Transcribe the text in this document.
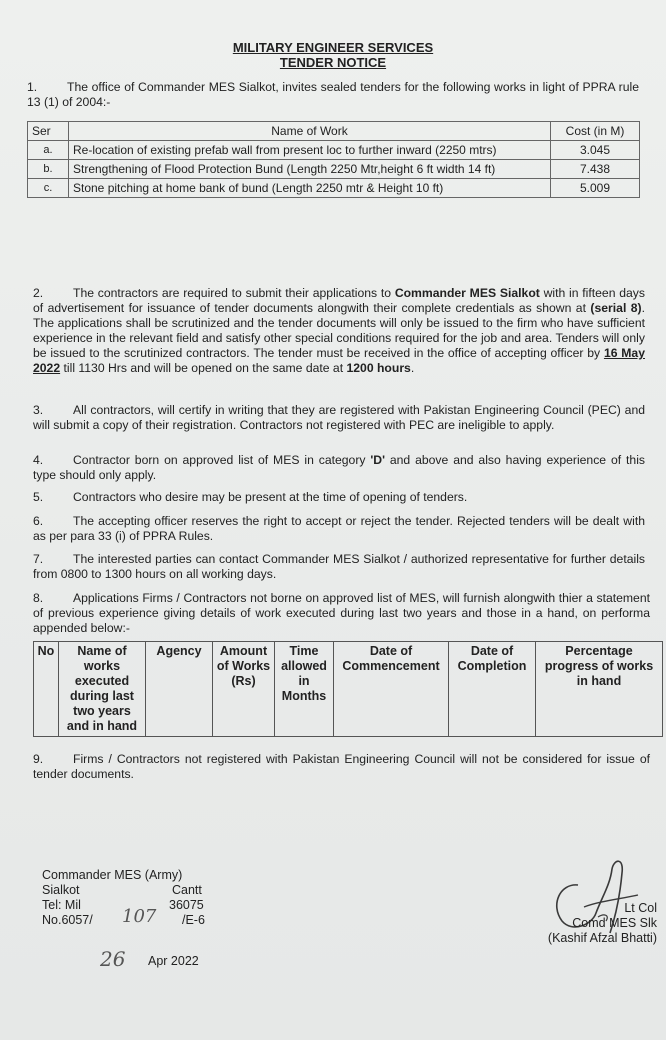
MILITARY ENGINEER SERVICES
TENDER NOTICE

1. The office of Commander MES Sialkot, invites sealed tenders for the following works in light of PPRA rule 13 (1) of 2004:-

Ser	Name of Work	Cost (in M)
a.	Re-location of existing prefab wall from present loc to further inward (2250 mtrs)	3.045
b.	Strengthening of Flood Protection Bund (Length 2250 Mtr,height 6 ft width 14 ft)	7.438
c.	Stone pitching at home bank of bund (Length 2250 mtr & Height 10 ft)	5.009

2. The contractors are required to submit their applications to Commander MES Sialkot with in fifteen days of advertisement for issuance of tender documents alongwith their complete credentials as shown at (serial 8). The applications shall be scrutinized and the tender documents will only be issued to the firm who have sufficient experience in the relevant field and satisfy other special conditions required for the job and area. Tenders will only be issued to the scrutinized contractors. The tender must be received in the office of accepting officer by 16 May 2022 till 1130 Hrs and will be opened on the same date at 1200 hours.

3. All contractors, will certify in writing that they are registered with Pakistan Engineering Council (PEC) and will submit a copy of their registration. Contractors not registered with PEC are ineligible to apply.

4. Contractor born on approved list of MES in category 'D' and above and also having experience of this type should only apply.

5. Contractors who desire may be present at the time of opening of tenders.

6. The accepting officer reserves the right to accept or reject the tender. Rejected tenders will be dealt with as per para 33 (i) of PPRA Rules.

7. The interested parties can contact Commander MES Sialkot / authorized representative for further details from 0800 to 1300 hours on all working days.

8. Applications Firms / Contractors not borne on approved list of MES, will furnish alongwith thier a statement of previous experience giving details of work executed during last two years and those in a hand, on performa appended below:-

No	Name of works executed during last two years and in hand	Agency	Amount of Works (Rs)	Time allowed in Months	Date of Commencement	Date of Completion	Percentage progress of works in hand

9. Firms / Contractors not registered with Pakistan Engineering Council will not be considered for issue of tender documents.

Commander MES (Army)
Sialkot	Cantt
Tel: Mil	36075
No.6057/ 107 /E-6
26 Apr 2022
Lt Col
Comd MES Slk
(Kashif Afzal Bhatti)
